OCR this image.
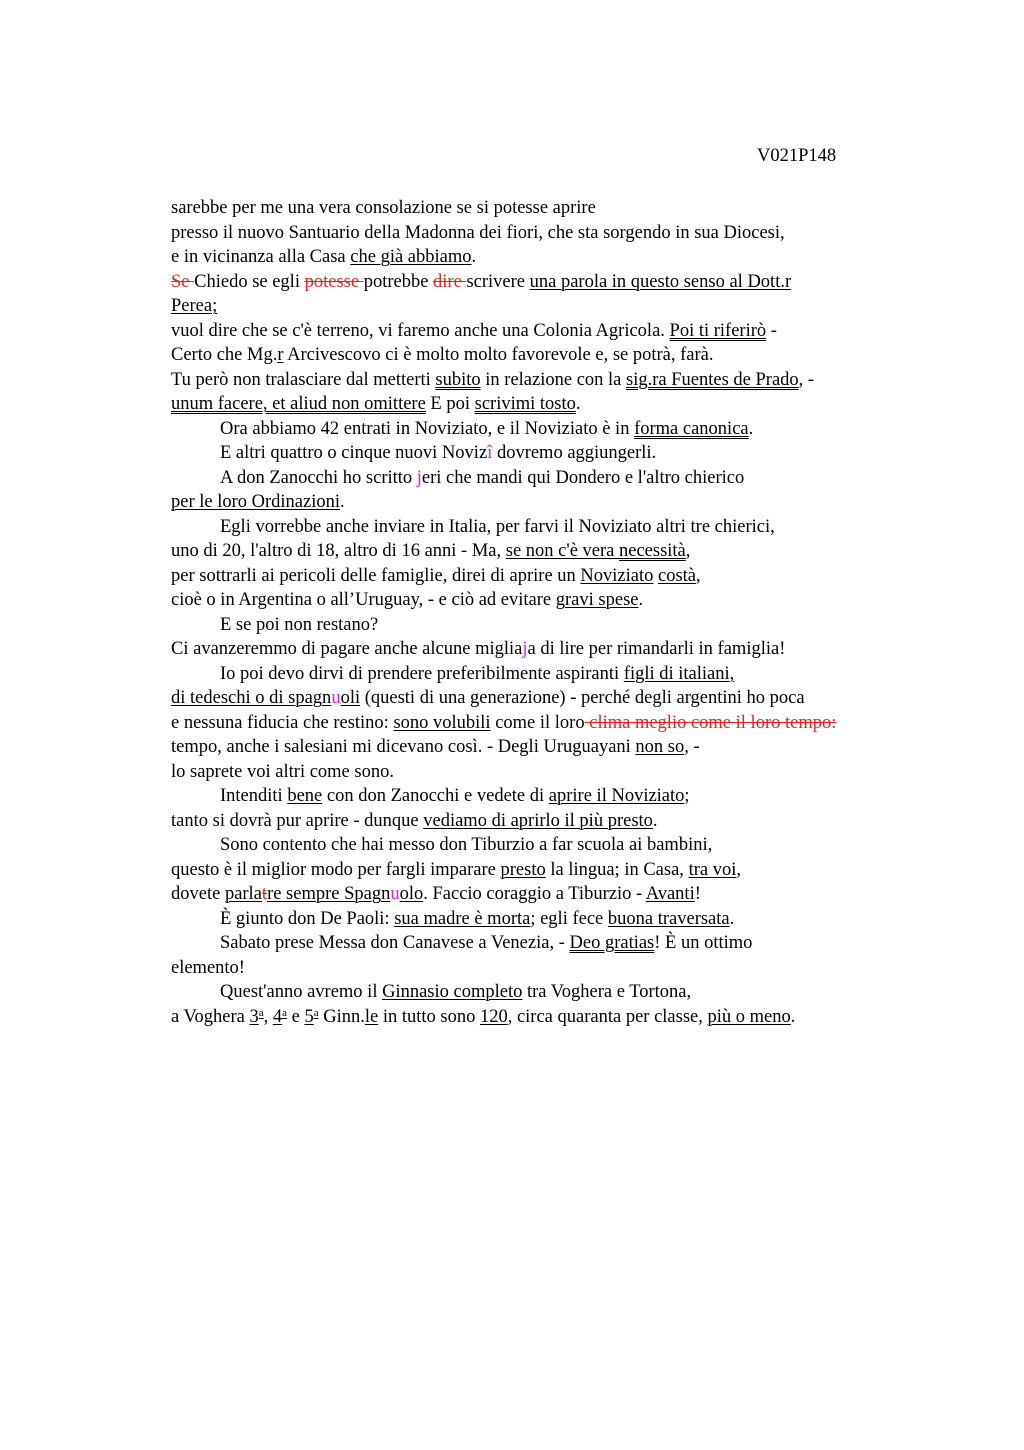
V021P148
sarebbe per me una vera consolazione se si potesse aprire
presso il nuovo Santuario della Madonna dei fiori, che sta sorgendo in sua Diocesi,
e in vicinanza alla Casa che già abbiamo.
Se Chiedo se egli potesse potrebbe dire scrivere una parola in questo senso al Dott.r
Perea;
vuol dire che se c'è terreno, vi faremo anche una Colonia Agricola. Poi ti riferirò -
Certo che Mg.r Arcivescovo ci è molto molto favorevole e, se potrà, farà.
Tu però non tralasciare dal metterti subito in relazione con la sig.ra Fuentes de Prado, -
unum facere, et aliud non omittere E poi scrivimi tosto.
Ora abbiamo 42 entrati in Noviziato, e il Noviziato è in forma canonica.
E altri quattro o cinque nuovi Novizî dovremo aggiungerli.
A don Zanocchi ho scritto jeri che mandi qui Dondero e l'altro chierico
per le loro Ordinazioni.
Egli vorrebbe anche inviare in Italia, per farvi il Noviziato altri tre chierici,
uno di 20, l'altro di 18, altro di 16 anni - Ma, se non c'è vera necessità,
per sottrarli ai pericoli delle famiglie, direi di aprire un Noviziato costà,
cioè o in Argentina o all’Uruguay, - e ciò ad evitare gravi spese.
E se poi non restano?
Ci avanzeremmo di pagare anche alcune migliaja di lire per rimandarli in famiglia!
Io poi devo dirvi di prendere preferibilmente aspiranti figli di italiani,
di tedeschi o di spagnuoli (questi di una generazione) - perché degli argentini ho poca
e nessuna fiducia che restino: sono volubili come il loro clima meglio come il loro tempo:
tempo, anche i salesiani mi dicevano così. - Degli Uruguayani non so, -
lo saprete voi altri come sono.
Intenditi bene con don Zanocchi e vedete di aprire il Noviziato;
tanto si dovrà pur aprire - dunque vediamo di aprirlo il più presto.
Sono contento che hai messo don Tiburzio a far scuola ai bambini,
questo è il miglior modo per fargli imparare presto la lingua; in Casa, tra voi,
dovete parlatre sempre Spagnuolo. Faccio coraggio a Tiburzio - Avanti!
È giunto don De Paoli: sua madre è morta; egli fece buona traversata.
Sabato prese Messa don Canavese a Venezia, - Deo gratias! È un ottimo
elemento!
Quest'anno avremo il Ginnasio completo tra Voghera e Tortona,
a Voghera 3$^a$, 4$^a$ e 5$^a$ Ginn.le in tutto sono 120, circa quaranta per classe, più o meno.
